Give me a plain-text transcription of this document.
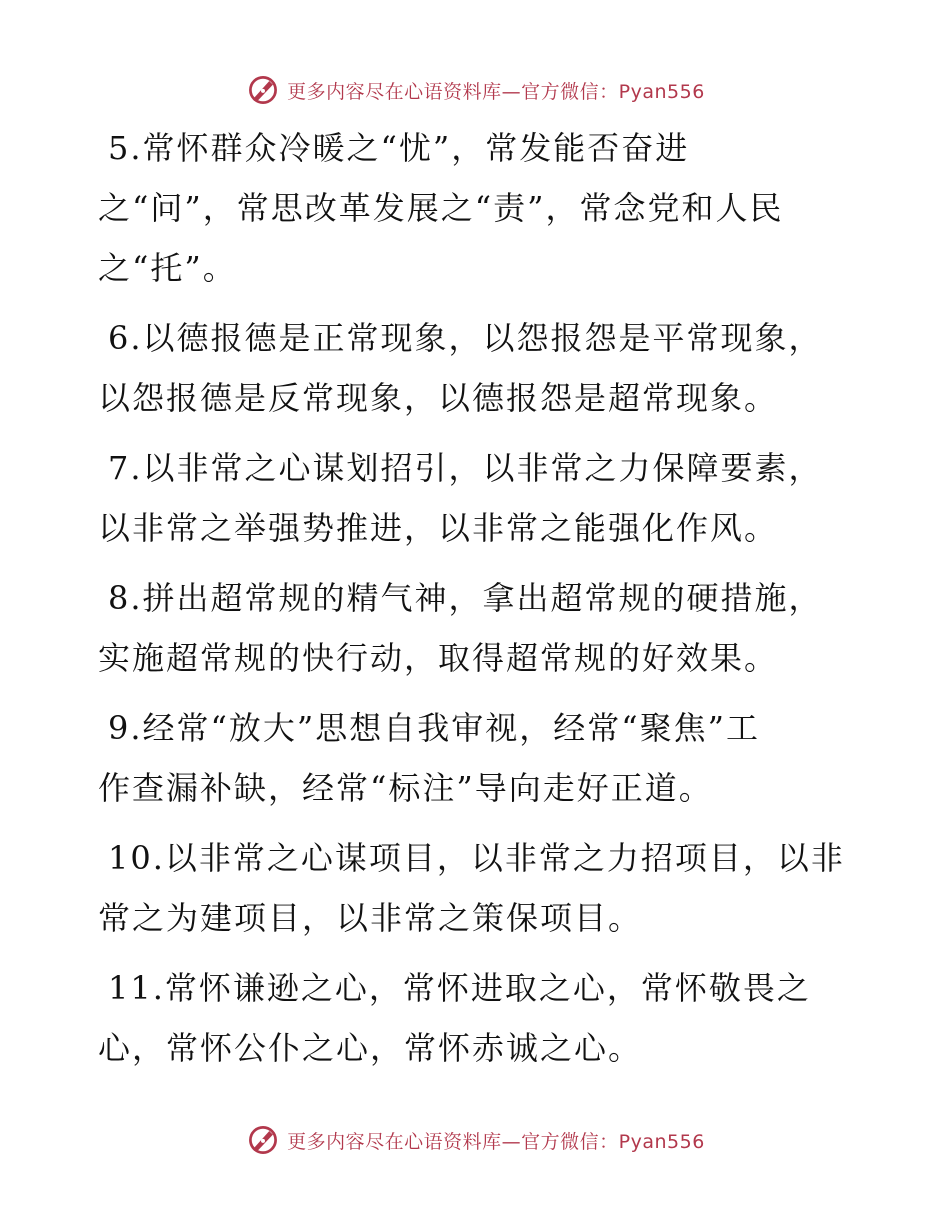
更多内容尽在心语资料库—官方微信：Pyan556
5.常怀群众冷暖之“忧”，常发能否奋进
之“问”，常思改革发展之“责”，常念党和人民
之“托”。
6.以德报德是正常现象，以怨报怨是平常现象，
以怨报德是反常现象，以德报怨是超常现象。
7.以非常之心谋划招引，以非常之力保障要素，
以非常之举强势推进，以非常之能强化作风。
8.拼出超常规的精气神，拿出超常规的硬措施，
实施超常规的快行动，取得超常规的好效果。
9.经常“放大”思想自我审视，经常“聚焦”工
作查漏补缺，经常“标注”导向走好正道。
10.以非常之心谋项目，以非常之力招项目，以非
常之为建项目，以非常之策保项目。
11.常怀谦逊之心，常怀进取之心，常怀敬畏之
心，常怀公仆之心，常怀赤诚之心。
更多内容尽在心语资料库—官方微信：Pyan556
